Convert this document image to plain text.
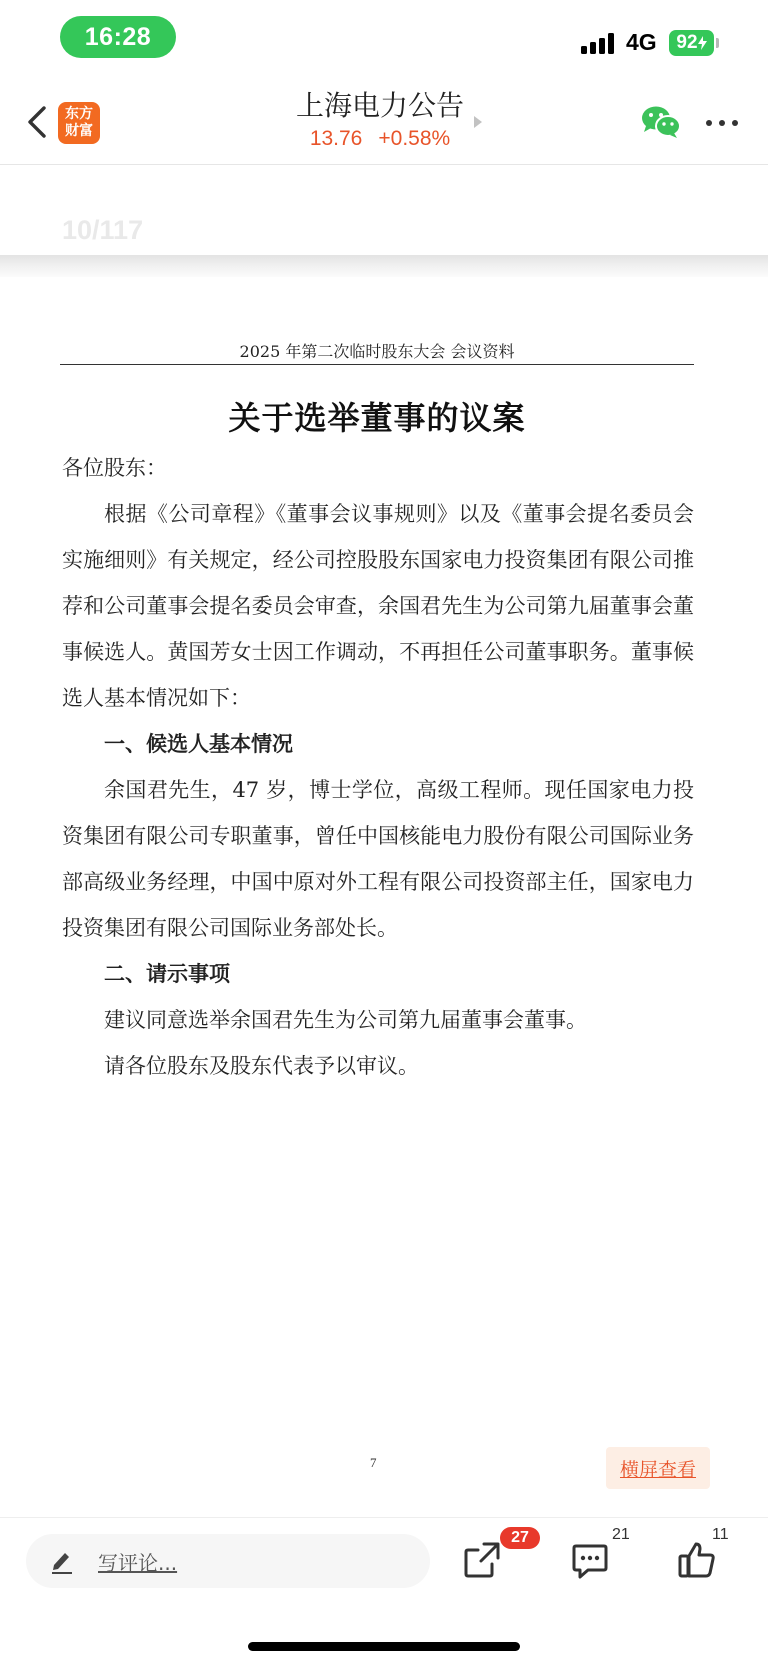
16:28	4G 92
东方
财富
上海电力公告
13.76 +0.58%
10/117
2025 年第二次临时股东大会 会议资料
关于选举董事的议案

各位股东：

根据《公司章程》《董事会议事规则》以及《董事会提名委员会实施细则》有关规定，经公司控股股东国家电力投资集团有限公司推荐和公司董事会提名委员会审查，余国君先生为公司第九届董事会董事候选人。黄国芳女士因工作调动，不再担任公司董事职务。董事候选人基本情况如下：

一、候选人基本情况

余国君先生，47 岁，博士学位，高级工程师。现任国家电力投资集团有限公司专职董事，曾任中国核能电力股份有限公司国际业务部高级业务经理，中国中原对外工程有限公司投资部主任，国家电力投资集团有限公司国际业务部处长。

二、请示事项

建议同意选举余国君先生为公司第九届董事会董事。

请各位股东及股东代表予以审议。

7	横屏查看
写评论...
27	21	11
